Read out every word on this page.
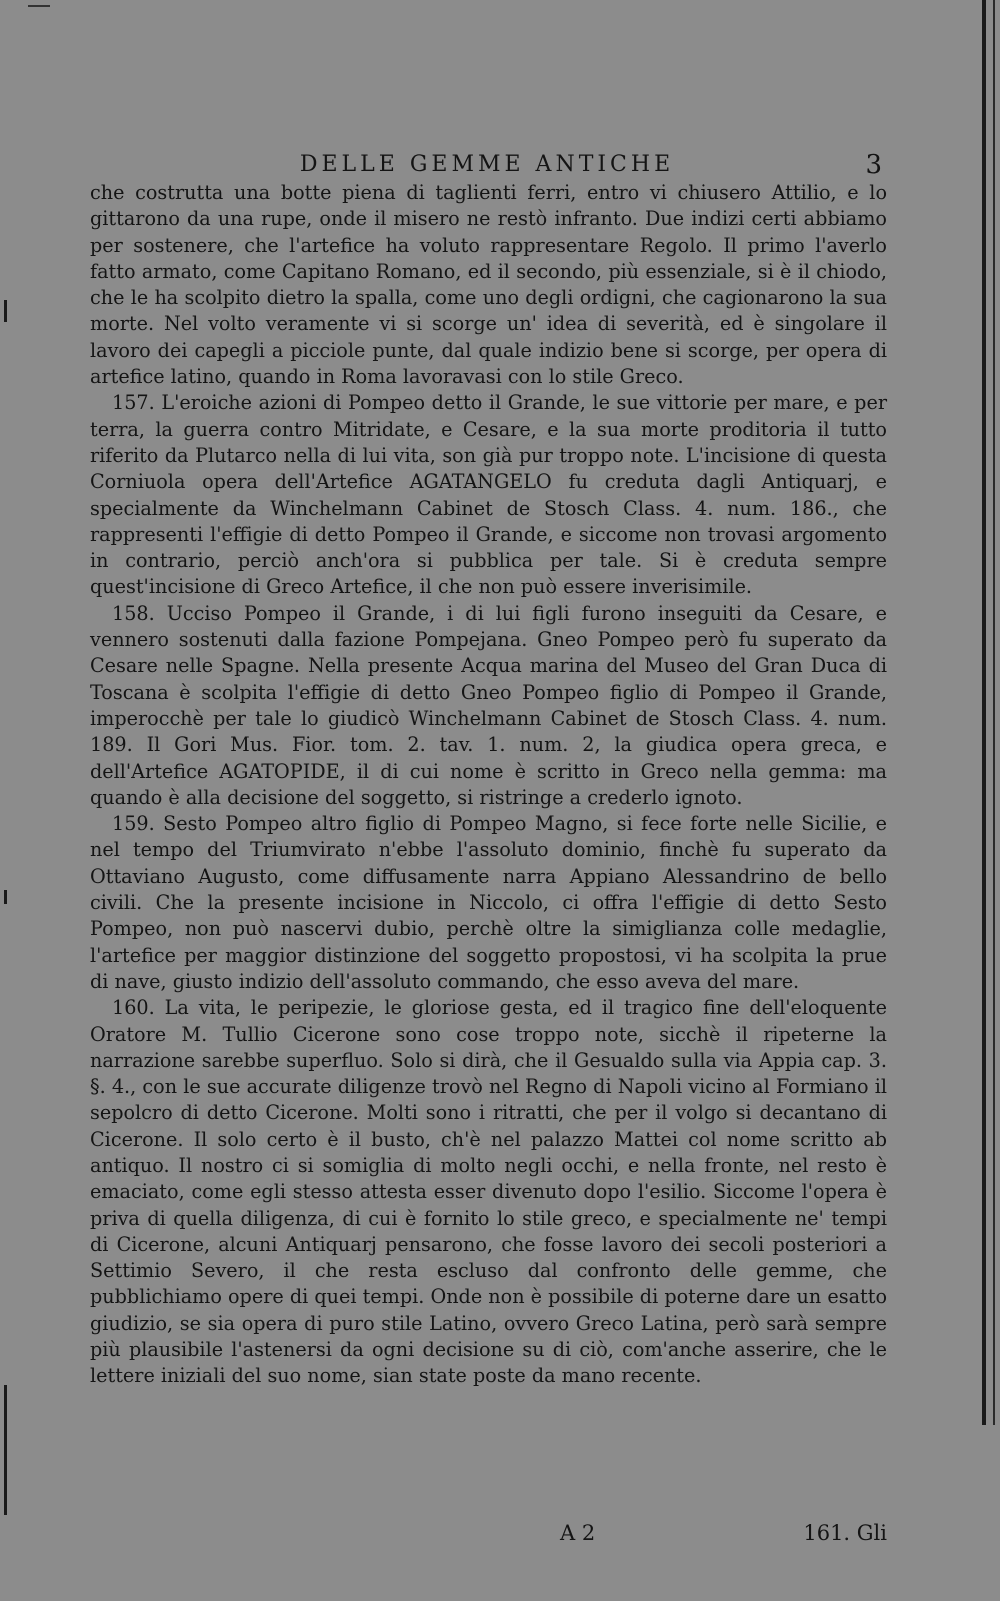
DELLE GEMME ANTICHE	3

che costrutta una botte piena di taglienti ferri, entro vi chiusero Attilio, e lo gittarono da una rupe, onde il misero ne restò infranto. Due indizi certi abbiamo per sostenere, che l'artefice ha voluto rappresentare Regolo. Il primo l'averlo fatto armato, come Capitano Romano, ed il secondo, più essenziale, si è il chiodo, che le ha scolpito dietro la spalla, come uno degli ordigni, che cagionarono la sua morte. Nel volto veramente vi si scorge un' idea di severità, ed è singolare il lavoro dei capegli a picciole punte, dal quale indizio bene si scorge, per opera di artefice latino, quando in Roma lavoravasi con lo stile Greco.

157. L'eroiche azioni di Pompeo detto il Grande, le sue vittorie per mare, e per terra, la guerra contro Mitridate, e Cesare, e la sua morte proditoria il tutto riferito da Plutarco nella di lui vita, son già pur troppo note. L'incisione di questa Corniuola opera dell'Artefice AGATANGELO fu creduta dagli Antiquarj, e specialmente da Winchelmann Cabinet de Stosch Class. 4. num. 186., che rappresenti l'effigie di detto Pompeo il Grande, e siccome non trovasi argomento in contrario, perciò anch'ora si pubblica per tale. Si è creduta sempre quest'incisione di Greco Artefice, il che non può essere inverisimile.

158. Ucciso Pompeo il Grande, i di lui figli furono inseguiti da Cesare, e vennero sostenuti dalla fazione Pompejana. Gneo Pompeo però fu superato da Cesare nelle Spagne. Nella presente Acqua marina del Museo del Gran Duca di Toscana è scolpita l'effigie di detto Gneo Pompeo figlio di Pompeo il Grande, imperocchè per tale lo giudicò Winchelmann Cabinet de Stosch Class. 4. num. 189. Il Gori Mus. Fior. tom. 2. tav. 1. num. 2, la giudica opera greca, e dell'Artefice AGATOPIDE, il di cui nome è scritto in Greco nella gemma: ma quando è alla decisione del soggetto, si ristringe a crederlo ignoto.

159. Sesto Pompeo altro figlio di Pompeo Magno, si fece forte nelle Sicilie, e nel tempo del Triumvirato n'ebbe l'assoluto dominio, finchè fu superato da Ottaviano Augusto, come diffusamente narra Appiano Alessandrino de bello civili. Che la presente incisione in Niccolo, ci offra l'effigie di detto Sesto Pompeo, non può nascervi dubio, perchè oltre la simiglianza colle medaglie, l'artefice per maggior distinzione del soggetto propostosi, vi ha scolpita la prue di nave, giusto indizio dell'assoluto commando, che esso aveva del mare.

160. La vita, le peripezie, le gloriose gesta, ed il tragico fine dell'eloquente Oratore M. Tullio Cicerone sono cose troppo note, sicchè il ripeterne la narrazione sarebbe superfluo. Solo si dirà, che il Gesualdo sulla via Appia cap. 3. §. 4., con le sue accurate diligenze trovò nel Regno di Napoli vicino al Formiano il sepolcro di detto Cicerone. Molti sono i ritratti, che per il volgo si decantano di Cicerone. Il solo certo è il busto, ch'è nel palazzo Mattei col nome scritto ab antiquo. Il nostro ci si somiglia di molto negli occhi, e nella fronte, nel resto è emaciato, come egli stesso attesta esser divenuto dopo l'esilio. Siccome l'opera è priva di quella diligenza, di cui è fornito lo stile greco, e specialmente ne' tempi di Cicerone, alcuni Antiquarj pensarono, che fosse lavoro dei secoli posteriori a Settimio Severo, il che resta escluso dal confronto delle gemme, che pubblichiamo opere di quei tempi. Onde non è possibile di poterne dare un esatto giudizio, se sia opera di puro stile Latino, ovvero Greco Latina, però sarà sempre più plausibile l'astenersi da ogni decisione su di ciò, com'anche asserire, che le lettere iniziali del suo nome, sian state poste da mano recente.

A 2	161. Gli
